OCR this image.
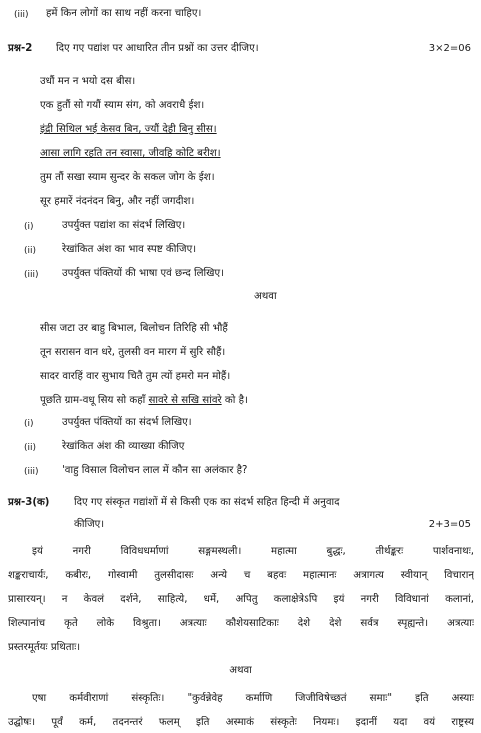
(iii) हमें किन लोगों का साथ नहीं करना चाहिए।
प्रश्न-2 दिए गए पद्यांश पर आधारित तीन प्रश्नों का उत्तर दीजिए।	3×2=06
उधौं मन न भयो दस बीस।
एक हुतौं सो गयौं स्याम संग, को अवराधै ईश।
इंद्री सिथिल भई केसव बिन, ज्यौं देही बिनु सीस।
आसा लागि रहति तन स्वासा, जीवहि कोटि बरीश।
तुम तौं सखा स्याम सुन्दर के सकल जोग के ईश।
सूर हमारें नंदनंदन बिनु, और नहीं जगदीश।
(i)	उपर्युक्त पद्यांश का संदर्भ लिखिए।
(ii)	रेखांकित अंश का भाव स्पष्ट कीजिए।
(iii) उपर्युक्त पंक्तियों की भाषा एवं छन्द लिखिए।
अथवा
सीस जटा उर बाहु बिभाल, बिलोचन तिरिहि सी भौहैं
तून सरासन वान धरे, तुलसी वन मारग में सुरि सौहैं।
सादर वारहिं वार सुभाय चितै तुम त्यों हमरो मन मोहैं।
पूछति ग्राम-वधू सिय सो कहाँ सावरे से सखि सांवरे को है।
(i)	उपर्युक्त पंक्तियों का संदर्भ लिखिए।
(ii)	रेखांकित अंश की व्याख्या कीजिए
(iii) 'वाहु विसाल विलोचन लाल में कौन सा अलंकार है?
प्रश्न-3(क) दिए गए संस्कृत गद्यांशों में से किसी एक का संदर्भ सहित हिन्दी में अनुवाद
कीजिए।	2+3=05
इयं नगरी विविधधर्माणां सङ्गमस्थली। महात्मा बुद्धः, तीर्थङ्करः पार्शवनाथः,
शङ्कराचार्यः, कबीरः, गोस्वामी तुलसीदासः अन्ये च बहवः महात्मानः अत्रागत्य स्वीयान् विचारान्
प्रासारयन्। न केवलं दर्शने, साहित्ये, धर्मे, अपितु कलाक्षेत्रेऽपि इयं नगरी विविधानां कलानां,
शिल्पानांच कृते लोके विश्रुता। अत्रत्याः कौशेयसाटिकाः देशे देशे सर्वत्र स्पृह्यन्ते। अत्रत्याः
प्रस्तरमूर्तयः प्रथिताः।
अथवा
एषा कर्मवीराणां संस्कृतिः। "कुर्वन्नेवेह कर्माणि जिजीविषेच्छतं समाः" इति अस्याः
उद्घोषः। पूर्वं कर्म, तदनन्तरं फलम् इति अस्माकं संस्कृतेः नियमः। इदानीं यदा वयं राष्ट्रस्य
